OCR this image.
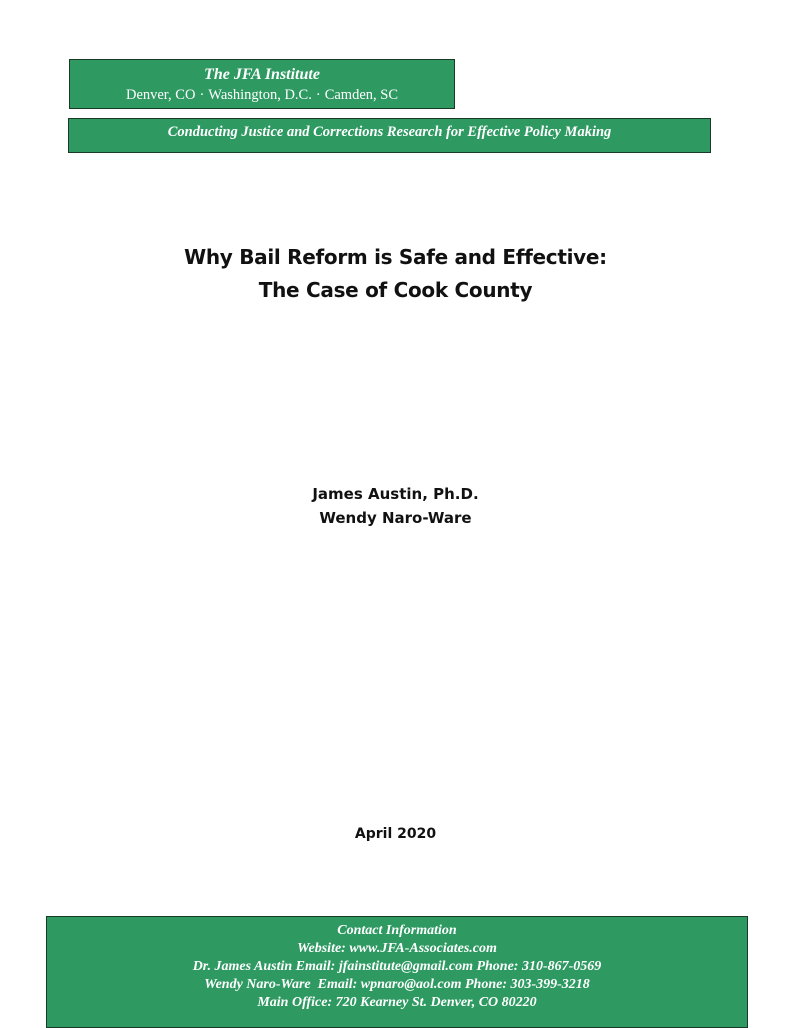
The JFA Institute
Denver, CO · Washington, D.C. · Camden, SC
Conducting Justice and Corrections Research for Effective Policy Making
Why Bail Reform is Safe and Effective:
The Case of Cook County
James Austin, Ph.D.
Wendy Naro-Ware
April 2020
Contact Information
Website: www.JFA-Associates.com
Dr. James Austin Email: jfainstitute@gmail.com Phone: 310-867-0569
Wendy Naro-Ware  Email: wpnaro@aol.com Phone: 303-399-3218
Main Office: 720 Kearney St. Denver, CO 80220
